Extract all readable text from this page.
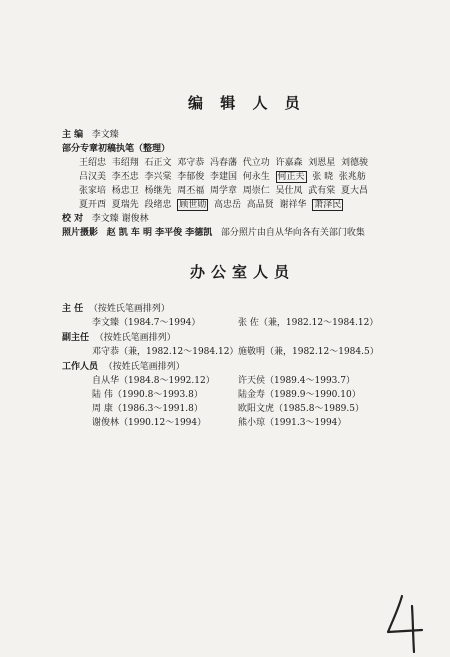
编 辑 人 员
主 编 李文臻
部分专章初稿执笔（整理）
王绍忠 韦绍翔 石正文 邓守恭 冯春藩 代立功 许嘉森 刘恩星 刘德骏
吕汉美 李丕忠 李兴棠 李郁俊 李建国 何永生 何正夫 张 晓 张兆舫
张家培 杨忠卫 杨继先 周丕福 周学章 周崇仁 吴仕凤 武有棠 夏大昌
夏开酉 夏瑞先 段绪忠 顾世勋 高忠岳 高品贤 谢祥华 萧泽民
校 对 李文臻 谢俊林
照片摄影 赵 凯 车 明 李平俊 李德凯 部分照片由自从华向各有关部门收集
办公室人员
主 任 （按姓氏笔画排列）
李文臻（1984.7～1994）	张 佐（兼，1982.12～1984.12）
副主任 （按姓氏笔画排列）
邓守恭（兼，1982.12～1984.12） 施敬明（兼，1982.12～1984.5）
工作人员 （按姓氏笔画排列）
自从华（1984.8～1992.12）	许天侯（1989.4～1993.7）
陆 伟（1990.8～1993.8）	陆金寿（1989.9～1990.10）
周 康（1986.3～1991.8）	欧阳文虎（1985.8～1989.5）
谢俊林（1990.12～1994）	熊小琼（1991.3～1994）
